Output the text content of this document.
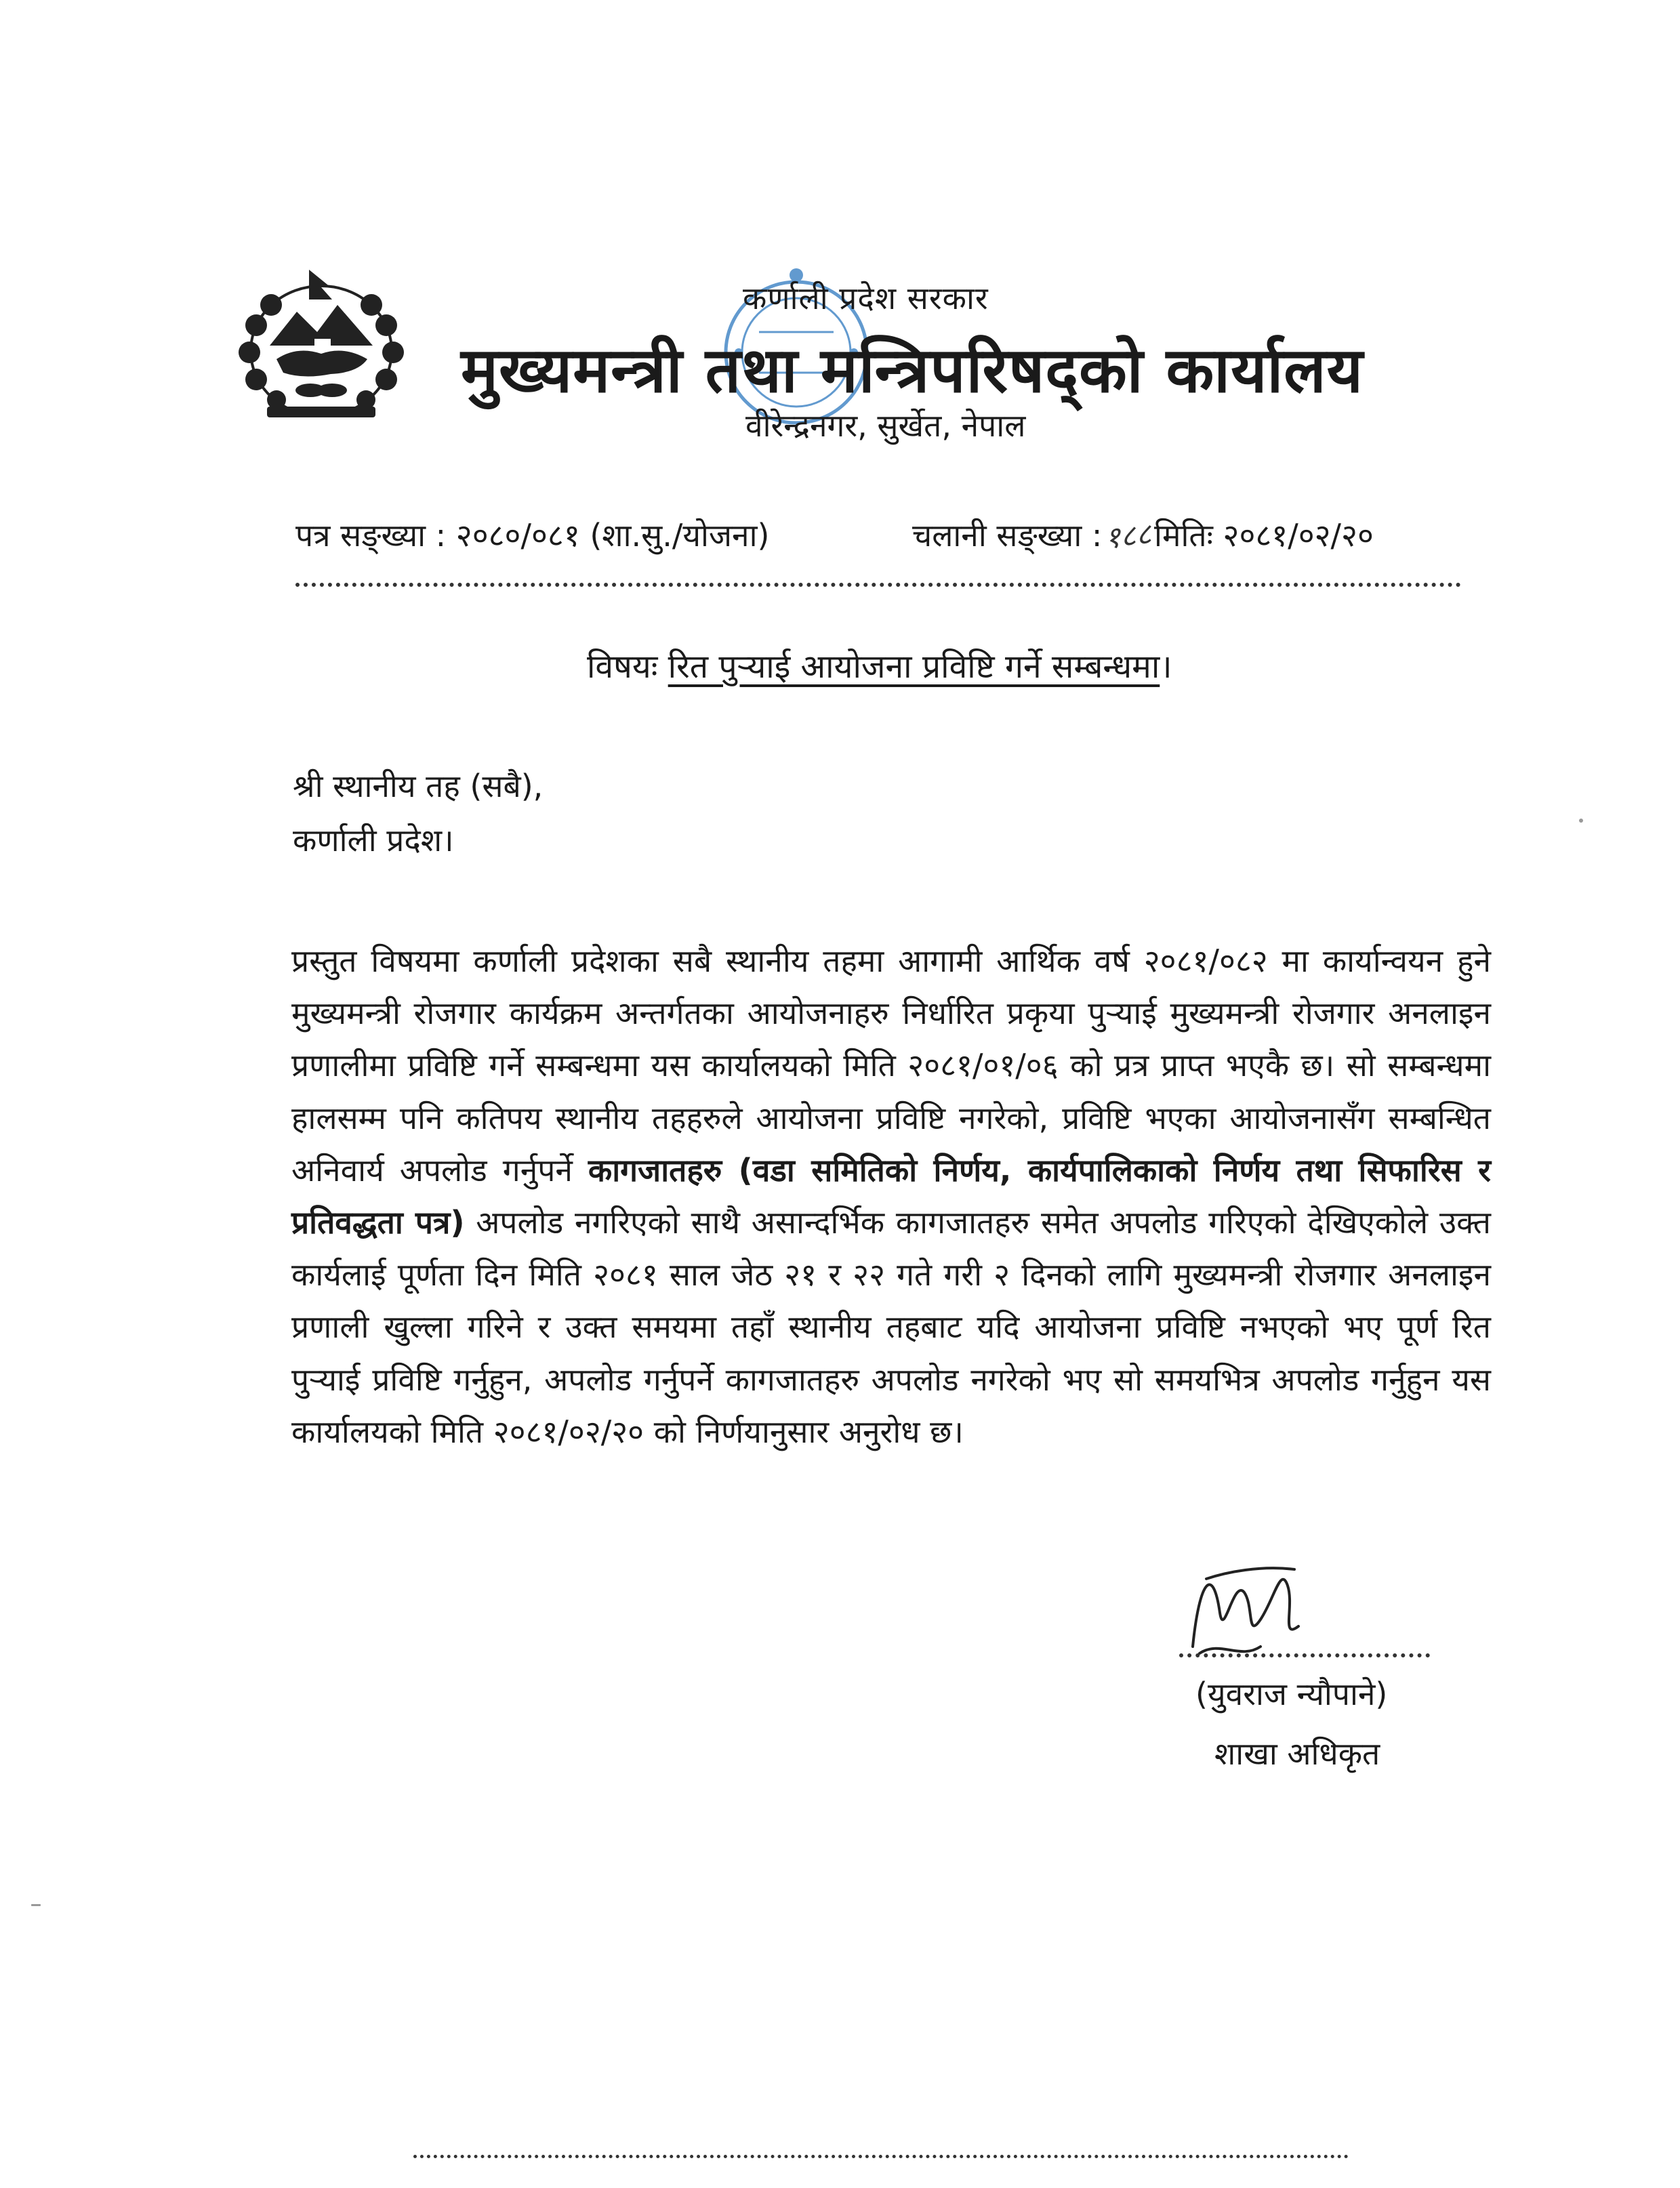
कर्णाली प्रदेश सरकार
मुख्यमन्त्री तथा मन्त्रिपरिषद्को कार्यालय
वीरेन्द्रनगर, सुर्खेत, नेपाल
पत्र सङ्ख्या : २०८०/०८१ (शा.सु./योजना)	चलानी सङ्ख्या :१८८मितिः २०८१/०२/२०
विषयः रित पुऱ्याई आयोजना प्रविष्टि गर्ने सम्बन्धमा।
श्री स्थानीय तह (सबै),
कर्णाली प्रदेश।
प्रस्तुत विषयमा कर्णाली प्रदेशका सबै स्थानीय तहमा आगामी आर्थिक वर्ष २०८१/०८२ मा कार्यान्वयन हुने मुख्यमन्त्री रोजगार कार्यक्रम अन्तर्गतका आयोजनाहरु निर्धारित प्रकृया पुऱ्याई मुख्यमन्त्री रोजगार अनलाइन प्रणालीमा प्रविष्टि गर्ने सम्बन्धमा यस कार्यालयको मिति २०८१/०१/०६ को प्रत्र प्राप्त भएकै छ। सो सम्बन्धमा हालसम्म पनि कतिपय स्थानीय तहहरुले आयोजना प्रविष्टि नगरेको, प्रविष्टि भएका आयोजनासँग सम्बन्धित अनिवार्य अपलोड गर्नुपर्ने कागजातहरु (वडा समितिको निर्णय, कार्यपालिकाको निर्णय तथा सिफारिस र प्रतिवद्धता पत्र) अपलोड नगरिएको साथै असान्दर्भिक कागजातहरु समेत अपलोड गरिएको देखिएकोले उक्त कार्यलाई पूर्णता दिन मिति २०८१ साल जेठ २१ र २२ गते गरी २ दिनको लागि मुख्यमन्त्री रोजगार अनलाइन प्रणाली खुल्ला गरिने र उक्त समयमा तहाँ स्थानीय तहबाट यदि आयोजना प्रविष्टि नभएको भए पूर्ण रित पुऱ्याई प्रविष्टि गर्नुहुन, अपलोड गर्नुपर्ने कागजातहरु अपलोड नगरेको भए सो समयभित्र अपलोड गर्नुहुन यस कार्यालयको मिति २०८१/०२/२० को निर्णयानुसार अनुरोध छ।
(युवराज न्यौपाने)
शाखा अधिकृत
